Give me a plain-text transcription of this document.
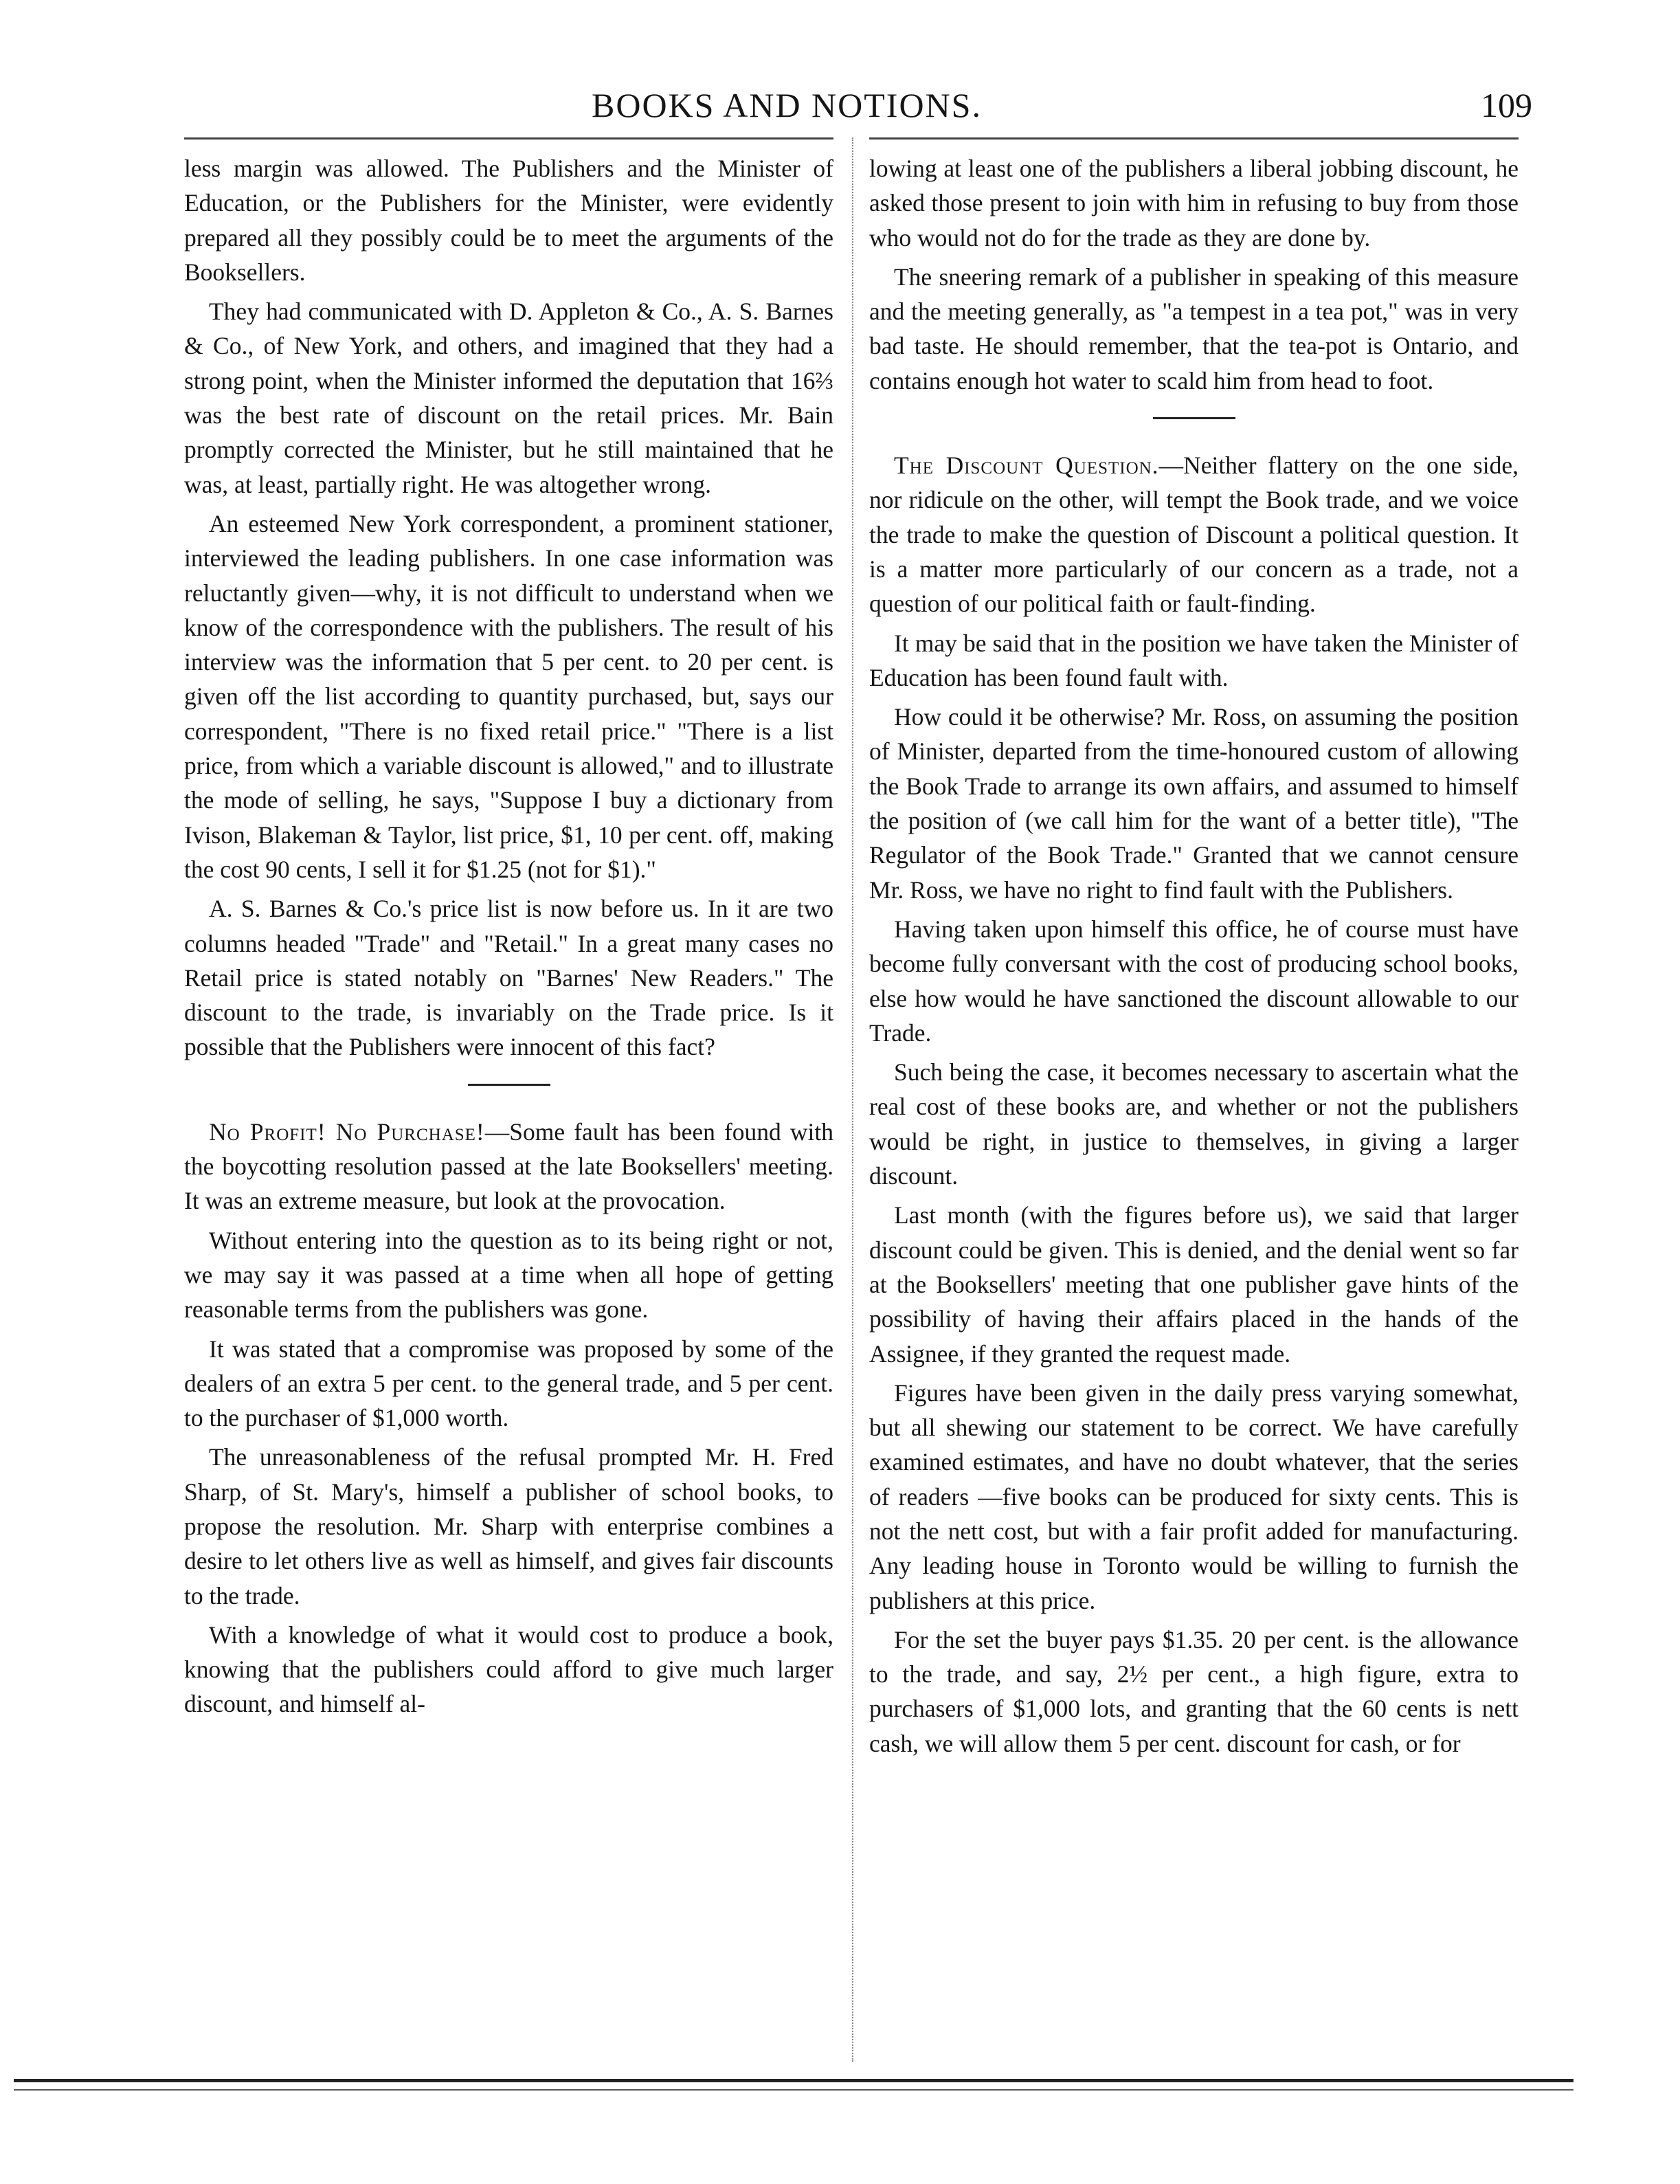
BOOKS AND NOTIONS.	109

less margin was allowed. The Publishers and the Minister of Education, or the Publishers for the Minister, were evidently prepared all they possibly could be to meet the arguments of the Booksellers.

They had communicated with D. Appleton & Co., A. S. Barnes & Co., of New York, and others, and imagined that they had a strong point, when the Minister informed the deputation that 16⅔ was the best rate of discount on the retail prices. Mr. Bain promptly corrected the Minister, but he still maintained that he was, at least, partially right. He was altogether wrong.

An esteemed New York correspondent, a prominent stationer, interviewed the leading publishers. In one case information was reluctantly given—why, it is not difficult to understand when we know of the correspondence with the publishers. The result of his interview was the information that 5 per cent. to 20 per cent. is given off the list according to quantity purchased, but, says our correspondent, "There is no fixed retail price." "There is a list price, from which a variable discount is allowed," and to illustrate the mode of selling, he says, "Suppose I buy a dictionary from Ivison, Blakeman & Taylor, list price, $1, 10 per cent. off, making the cost 90 cents, I sell it for $1.25 (not for $1)."

A. S. Barnes & Co.'s price list is now before us. In it are two columns headed "Trade" and "Retail." In a great many cases no Retail price is stated notably on "Barnes' New Readers." The discount to the trade, is invariably on the Trade price. Is it possible that the Publishers were innocent of this fact?

No Profit! No Purchase!—Some fault has been found with the boycotting resolution passed at the late Booksellers' meeting. It was an extreme measure, but look at the provocation.

Without entering into the question as to its being right or not, we may say it was passed at a time when all hope of getting reasonable terms from the publishers was gone.

It was stated that a compromise was proposed by some of the dealers of an extra 5 per cent. to the general trade, and 5 per cent. to the purchaser of $1,000 worth.

The unreasonableness of the refusal prompted Mr. H. Fred Sharp, of St. Mary's, himself a publisher of school books, to propose the resolution. Mr. Sharp with enterprise combines a desire to let others live as well as himself, and gives fair discounts to the trade.

With a knowledge of what it would cost to produce a book, knowing that the publishers could afford to give much larger discount, and himself al-

lowing at least one of the publishers a liberal jobbing discount, he asked those present to join with him in refusing to buy from those who would not do for the trade as they are done by.

The sneering remark of a publisher in speaking of this measure and the meeting generally, as "a tempest in a tea pot," was in very bad taste. He should remember, that the tea-pot is Ontario, and contains enough hot water to scald him from head to foot.

The Discount Question.—Neither flattery on the one side, nor ridicule on the other, will tempt the Book trade, and we voice the trade to make the question of Discount a political question. It is a matter more particularly of our concern as a trade, not a question of our political faith or fault-finding.

It may be said that in the position we have taken the Minister of Education has been found fault with.

How could it be otherwise? Mr. Ross, on assuming the position of Minister, departed from the time-honoured custom of allowing the Book Trade to arrange its own affairs, and assumed to himself the position of (we call him for the want of a better title), "The Regulator of the Book Trade." Granted that we cannot censure Mr. Ross, we have no right to find fault with the Publishers.

Having taken upon himself this office, he of course must have become fully conversant with the cost of producing school books, else how would he have sanctioned the discount allowable to our Trade.

Such being the case, it becomes necessary to ascertain what the real cost of these books are, and whether or not the publishers would be right, in justice to themselves, in giving a larger discount.

Last month (with the figures before us), we said that larger discount could be given. This is denied, and the denial went so far at the Booksellers' meeting that one publisher gave hints of the possibility of having their affairs placed in the hands of the Assignee, if they granted the request made.

Figures have been given in the daily press varying somewhat, but all shewing our statement to be correct. We have carefully examined estimates, and have no doubt whatever, that the series of readers —five books can be produced for sixty cents. This is not the nett cost, but with a fair profit added for manufacturing. Any leading house in Toronto would be willing to furnish the publishers at this price.

For the set the buyer pays $1.35. 20 per cent. is the allowance to the trade, and say, 2½ per cent., a high figure, extra to purchasers of $1,000 lots, and granting that the 60 cents is nett cash, we will allow them 5 per cent. discount for cash, or for
